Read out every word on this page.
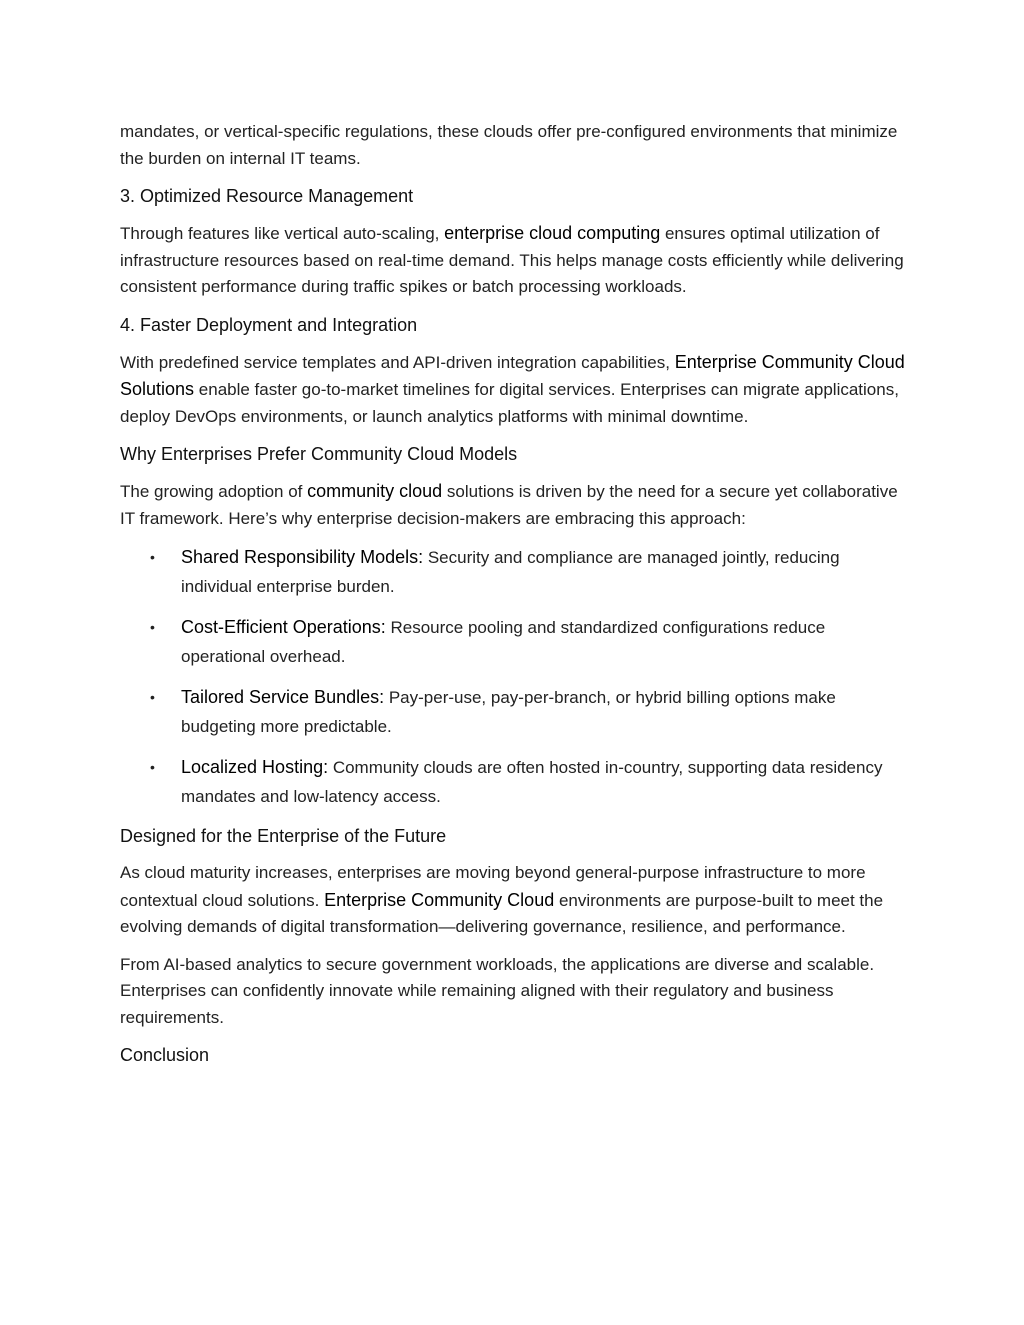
mandates, or vertical-specific regulations, these clouds offer pre-configured environments that minimize the burden on internal IT teams.

3. Optimized Resource Management

Through features like vertical auto-scaling, enterprise cloud computing ensures optimal utilization of infrastructure resources based on real-time demand. This helps manage costs efficiently while delivering consistent performance during traffic spikes or batch processing workloads.

4. Faster Deployment and Integration

With predefined service templates and API-driven integration capabilities, Enterprise Community Cloud Solutions enable faster go-to-market timelines for digital services. Enterprises can migrate applications, deploy DevOps environments, or launch analytics platforms with minimal downtime.

Why Enterprises Prefer Community Cloud Models

The growing adoption of community cloud solutions is driven by the need for a secure yet collaborative IT framework. Here’s why enterprise decision-makers are embracing this approach:

• Shared Responsibility Models: Security and compliance are managed jointly, reducing individual enterprise burden.
• Cost-Efficient Operations: Resource pooling and standardized configurations reduce operational overhead.
• Tailored Service Bundles: Pay-per-use, pay-per-branch, or hybrid billing options make budgeting more predictable.
• Localized Hosting: Community clouds are often hosted in-country, supporting data residency mandates and low-latency access.
Designed for the Enterprise of the Future

As cloud maturity increases, enterprises are moving beyond general-purpose infrastructure to more contextual cloud solutions. Enterprise Community Cloud environments are purpose-built to meet the evolving demands of digital transformation—delivering governance, resilience, and performance.

From AI-based analytics to secure government workloads, the applications are diverse and scalable. Enterprises can confidently innovate while remaining aligned with their regulatory and business requirements.

Conclusion
